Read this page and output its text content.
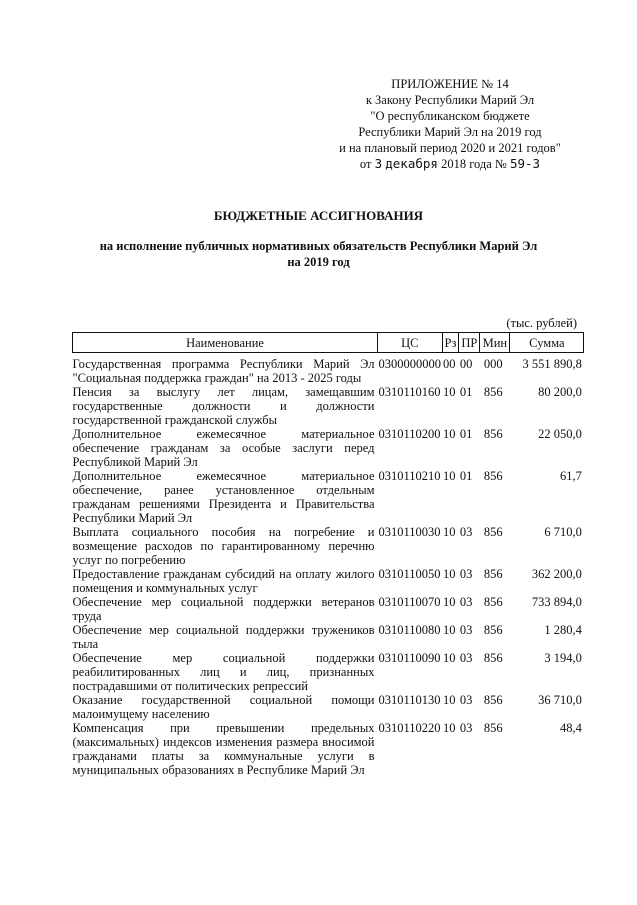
ПРИЛОЖЕНИЕ № 14
к Закону Республики Марий Эл
"О республиканском бюджете
Республики Марий Эл на 2019 год
и на плановый период 2020 и 2021 годов"
от 3 декабря 2018 года № 59-3
БЮДЖЕТНЫЕ АССИГНОВАНИЯ
на исполнение публичных нормативных обязательств Республики Марий Эл
на 2019 год
(тыс. рублей)
Наименование	ЦС	Рз	ПР	Мин	Сумма

Государственная программа Республики Марий Эл "Социальная поддержка граждан" на 2013 - 2025 годы	0300000000	00	00	000	3 551 890,8
Пенсия за выслугу лет лицам, замещавшим государственные должности и должности государственной гражданской службы	0310110160	10	01	856	80 200,0
Дополнительное ежемесячное материальное обеспечение гражданам за особые заслуги перед Республикой Марий Эл	0310110200	10	01	856	22 050,0
Дополнительное ежемесячное материальное обеспечение, ранее установленное отдельным гражданам решениями Президента и Правительства Республики Марий Эл	0310110210	10	01	856	61,7
Выплата социального пособия на погребение и возмещение расходов по гарантированному перечню услуг по погребению	0310110030	10	03	856	6 710,0
Предоставление гражданам субсидий на оплату жилого помещения и коммунальных услуг	0310110050	10	03	856	362 200,0
Обеспечение мер социальной поддержки ветеранов труда	0310110070	10	03	856	733 894,0
Обеспечение мер социальной поддержки тружеников тыла	0310110080	10	03	856	1 280,4
Обеспечение мер социальной поддержки реабилитированных лиц и лиц, признанных пострадавшими от политических репрессий	0310110090	10	03	856	3 194,0
Оказание государственной социальной помощи малоимущему населению	0310110130	10	03	856	36 710,0
Компенсация при превышении предельных (максимальных) индексов изменения размера вносимой гражданами платы за коммунальные услуги в муниципальных образованиях в Республике Марий Эл	0310110220	10	03	856	48,4
